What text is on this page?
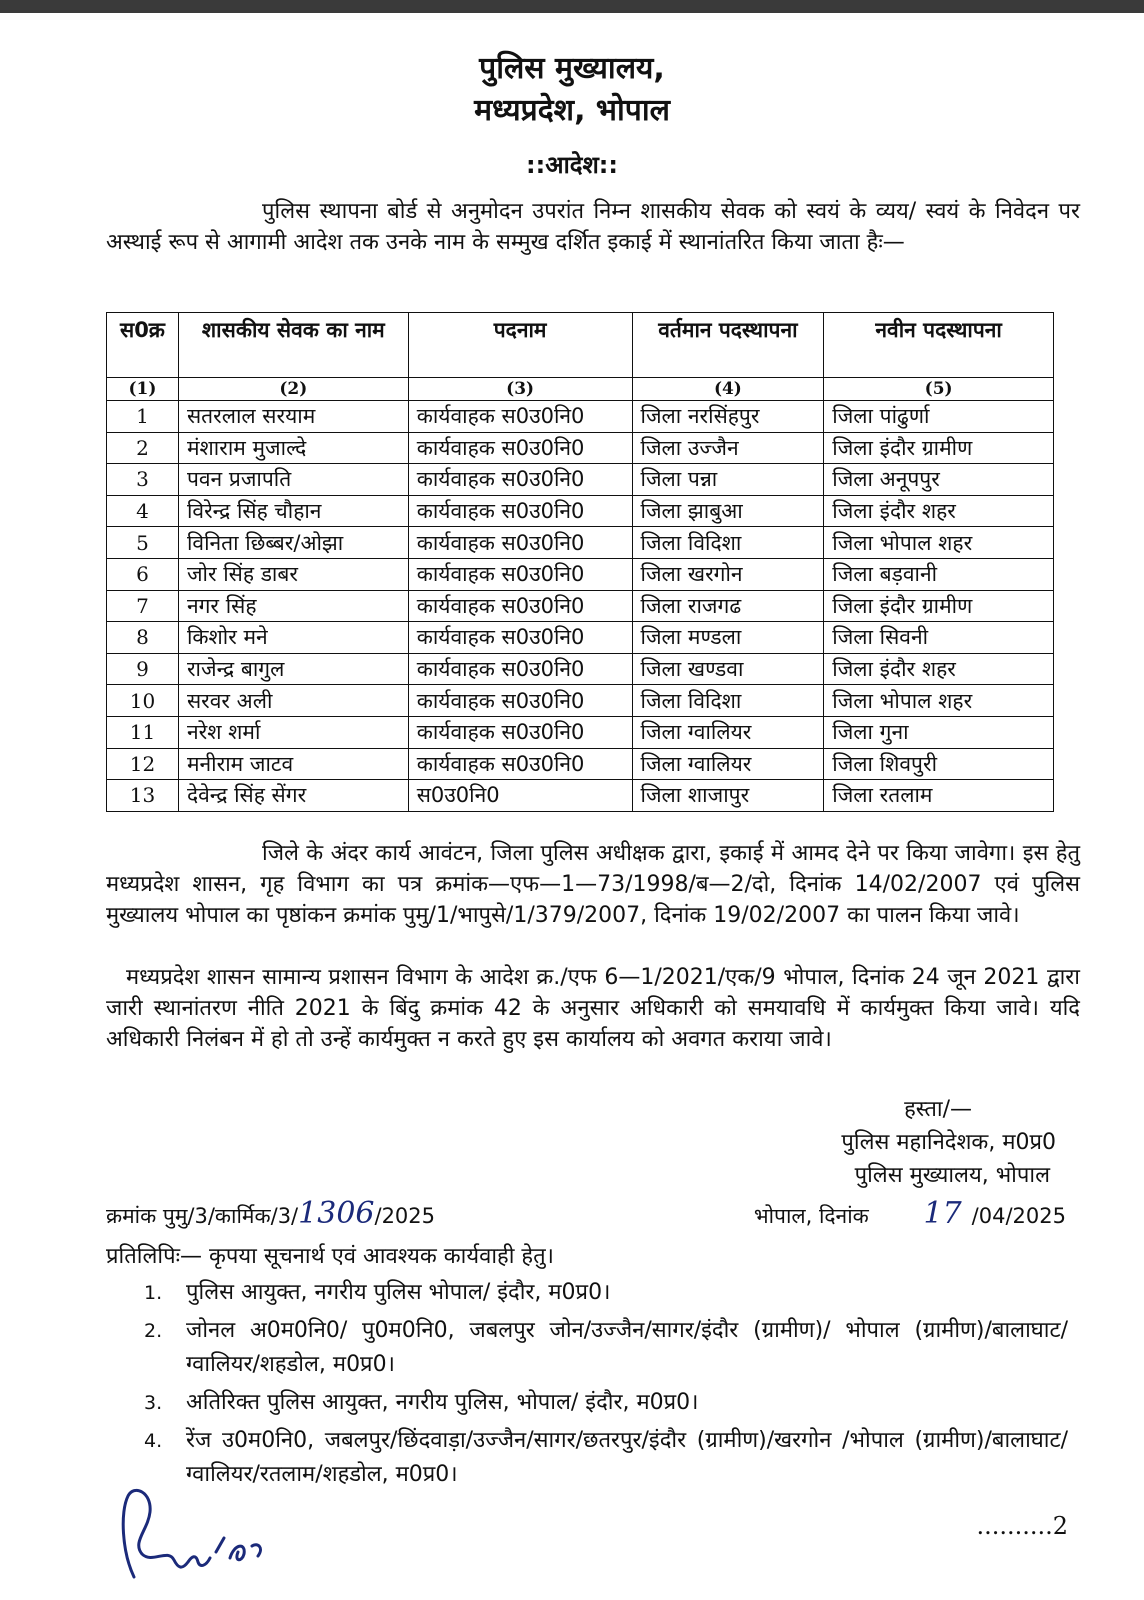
पुलिस मुख्यालय,
मध्यप्रदेश, भोपाल
::आदेश::
पुलिस स्थापना बोर्ड से अनुमोदन उपरांत निम्न शासकीय सेवक को स्वयं के व्यय/ स्वयं के निवेदन पर अस्थाई रूप से आगामी आदेश तक उनके नाम के सम्मुख दर्शित इकाई में स्थानांतरित किया जाता हैः—
स0क्र	शासकीय सेवक का नाम	पदनाम	वर्तमान पदस्थापना	नवीन पदस्थापना
(1)	(2)	(3)	(4)	(5)
1	सतरलाल सरयाम	कार्यवाहक स0उ0नि0	जिला नरसिंहपुर	जिला पांढुर्णा
2	मंशाराम मुजाल्दे	कार्यवाहक स0उ0नि0	जिला उज्जैन	जिला इंदौर ग्रामीण
3	पवन प्रजापति	कार्यवाहक स0उ0नि0	जिला पन्ना	जिला अनूपपुर
4	विरेन्द्र सिंह चौहान	कार्यवाहक स0उ0नि0	जिला झाबुआ	जिला इंदौर शहर
5	विनिता छिब्बर/ओझा	कार्यवाहक स0उ0नि0	जिला विदिशा	जिला भोपाल शहर
6	जोर सिंह डाबर	कार्यवाहक स0उ0नि0	जिला खरगोन	जिला बड़वानी
7	नगर सिंह	कार्यवाहक स0उ0नि0	जिला राजगढ	जिला इंदौर ग्रामीण
8	किशोर मने	कार्यवाहक स0उ0नि0	जिला मण्डला	जिला सिवनी
9	राजेन्द्र बागुल	कार्यवाहक स0उ0नि0	जिला खण्डवा	जिला इंदौर शहर
10	सरवर अली	कार्यवाहक स0उ0नि0	जिला विदिशा	जिला भोपाल शहर
11	नरेश शर्मा	कार्यवाहक स0उ0नि0	जिला ग्वालियर	जिला गुना
12	मनीराम जाटव	कार्यवाहक स0उ0नि0	जिला ग्वालियर	जिला शिवपुरी
13	देवेन्द्र सिंह सेंगर	स0उ0नि0	जिला शाजापुर	जिला रतलाम
जिले के अंदर कार्य आवंटन, जिला पुलिस अधीक्षक द्वारा, इकाई में आमद देने पर किया जावेगा। इस हेतु मध्यप्रदेश शासन, गृह विभाग का पत्र क्रमांक—एफ—1—73/1998/ब—2/दो, दिनांक 14/02/2007 एवं पुलिस मुख्यालय भोपाल का पृष्ठांकन क्रमांक पुमु/1/भापुसे/1/379/2007, दिनांक 19/02/2007 का पालन किया जावे।
मध्यप्रदेश शासन सामान्य प्रशासन विभाग के आदेश क्र./एफ 6—1/2021/एक/9 भोपाल, दिनांक 24 जून 2021 द्वारा जारी स्थानांतरण नीति 2021 के बिंदु क्रमांक 42 के अनुसार अधिकारी को समयावधि में कार्यमुक्त किया जावे। यदि अधिकारी निलंबन में हो तो उन्हें कार्यमुक्त न करते हुए इस कार्यालय को अवगत कराया जावे।
हस्ता/—
पुलिस महानिदेशक, म0प्र0
पुलिस मुख्यालय, भोपाल
क्रमांक पुमु/3/कार्मिक/3/1306/2025	भोपाल, दिनांक 17 /04/2025
प्रतिलिपिः— कृपया सूचनार्थ एवं आवश्यक कार्यवाही हेतु।
1.	पुलिस आयुक्त, नगरीय पुलिस भोपाल/ इंदौर, म0प्र0।
2.	जोनल अ0म0नि0/ पु0म0नि0, जबलपुर जोन/उज्जैन/सागर/इंदौर (ग्रामीण)/ भोपाल (ग्रामीण)/बालाघाट/ग्वालियर/शहडोल, म0प्र0।
3.	अतिरिक्त पुलिस आयुक्त, नगरीय पुलिस, भोपाल/ इंदौर, म0प्र0।
4.	रेंज उ0म0नि0, जबलपुर/छिंदवाड़ा/उज्जैन/सागर/छतरपुर/इंदौर (ग्रामीण)/खरगोन /भोपाल (ग्रामीण)/बालाघाट/ग्वालियर/रतलाम/शहडोल, म0प्र0।
..........2
